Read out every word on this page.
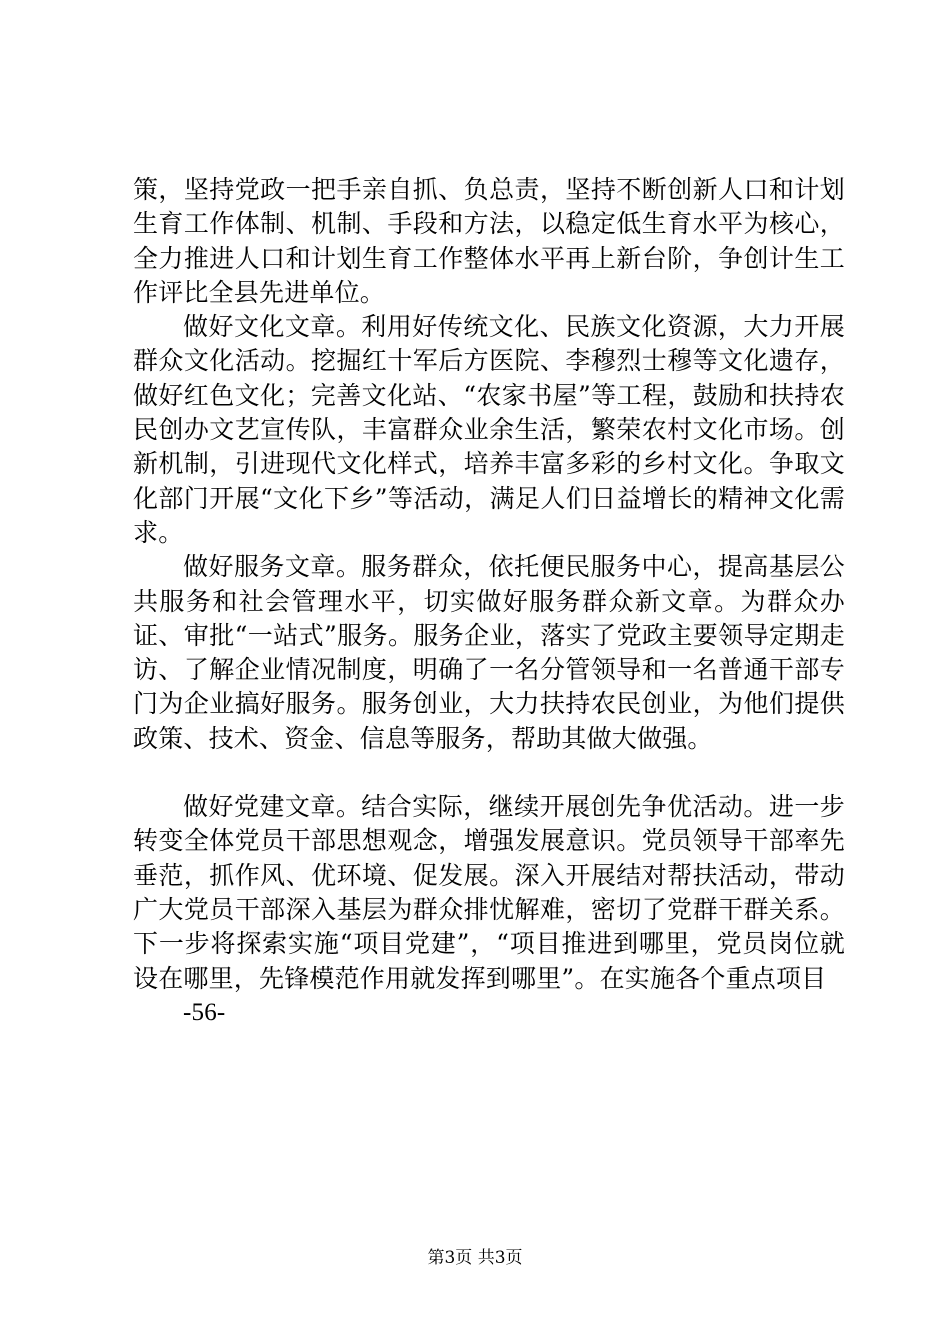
策，坚持党政一把手亲自抓、负总责，坚持不断创新人口和计划生育工作体制、机制、手段和方法，以稳定低生育水平为核心，全力推进人口和计划生育工作整体水平再上新台阶，争创计生工作评比全县先进单位。

做好文化文章。利用好传统文化、民族文化资源，大力开展群众文化活动。挖掘红十军后方医院、李穆烈士穆等文化遗存，做好红色文化；完善文化站、“农家书屋”等工程，鼓励和扶持农民创办文艺宣传队，丰富群众业余生活，繁荣农村文化市场。创新机制，引进现代文化样式，培养丰富多彩的乡村文化。争取文化部门开展“文化下乡”等活动，满足人们日益增长的精神文化需求。

做好服务文章。服务群众，依托便民服务中心，提高基层公共服务和社会管理水平，切实做好服务群众新文章。为群众办证、审批“一站式”服务。服务企业，落实了党政主要领导定期走访、了解企业情况制度，明确了一名分管领导和一名普通干部专门为企业搞好服务。服务创业，大力扶持农民创业，为他们提供政策、技术、资金、信息等服务，帮助其做大做强。

做好党建文章。结合实际，继续开展创先争优活动。进一步转变全体党员干部思想观念，增强发展意识。党员领导干部率先垂范，抓作风、优环境、促发展。深入开展结对帮扶活动，带动广大党员干部深入基层为群众排忧解难，密切了党群干群关系。下一步将探索实施“项目党建”，“项目推进到哪里，党员岗位就设在哪里，先锋模范作用就发挥到哪里”。在实施各个重点项目

-56-

第3页 共3页
